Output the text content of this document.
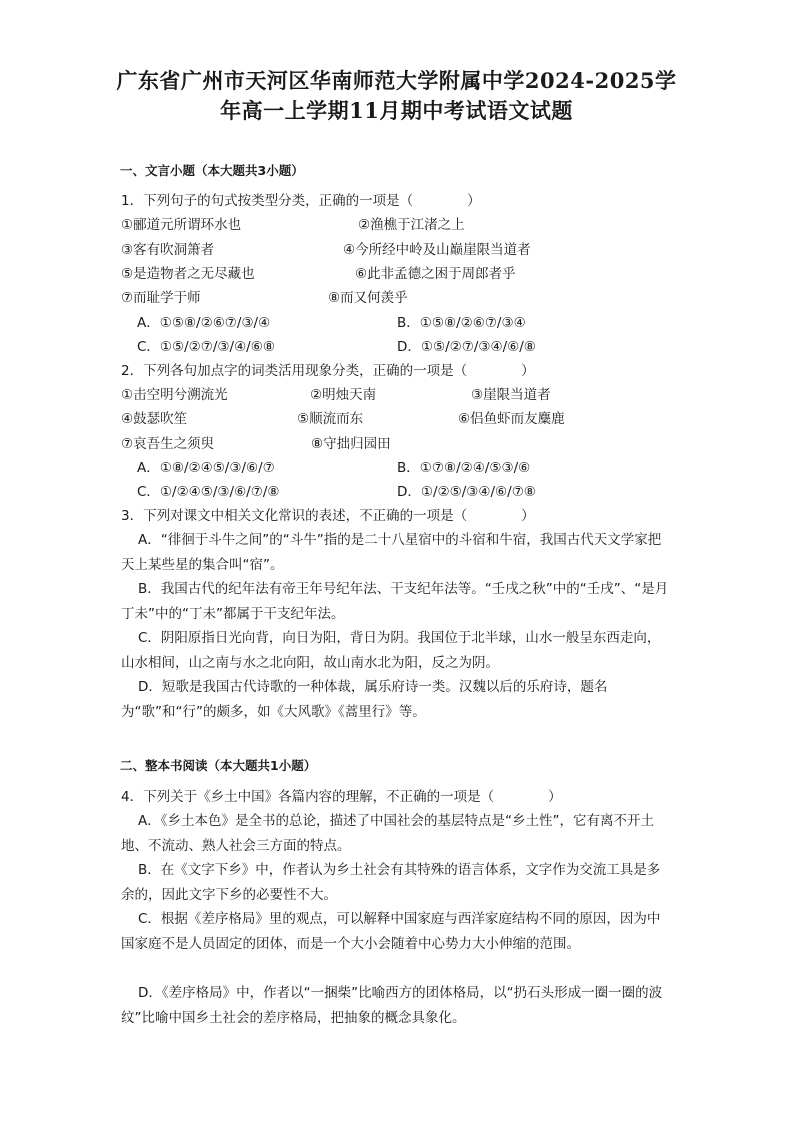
广东省广州市天河区华南师范大学附属中学2024-2025学
年高一上学期11月期中考试语文试题
一、文言小题（本大题共3小题）
1．下列句子的句式按类型分类，正确的一项是（　　　　）
①郦道元所谓环水也	②渔樵于江渚之上
③客有吹洞箫者	④今所经中岭及山巅崖限当道者
⑤是造物者之无尽藏也	⑥此非孟德之困于周郎者乎
⑦而耻学于师	⑧而又何羡乎
A．①⑤⑧/②⑥⑦/③/④	B．①⑤⑧/②⑥⑦/③④
C．①⑤/②⑦/③/④/⑥⑧	D．①⑤/②⑦/③④/⑥/⑧
2．下列各句加点字的词类活用现象分类，正确的一项是（　　　　）
①击空明兮溯流光	②明烛天南	③崖限当道者
④鼓瑟吹笙	⑤顺流而东	⑥侣鱼虾而友麋鹿
⑦哀吾生之须臾	⑧守拙归园田
A．①⑧/②④⑤/③/⑥/⑦	B．①⑦⑧/②④/⑤③/⑥
C．①/②④⑤/③/⑥/⑦/⑧	D．①/②⑤/③④/⑥/⑦⑧
3．下列对课文中相关文化常识的表述，不正确的一项是（　　　　）
A．“徘徊于斗牛之间”的“斗牛”指的是二十八星宿中的斗宿和牛宿，我国古代天文学家把天上某些星的集合叫“宿”。
B．我国古代的纪年法有帝王年号纪年法、干支纪年法等。“壬戌之秋”中的“壬戌”、“是月丁未”中的“丁未”都属于干支纪年法。
C．阴阳原指日光向背，向日为阳，背日为阴。我国位于北半球，山水一般呈东西走向，山水相间，山之南与水之北向阳，故山南水北为阳，反之为阴。
D．短歌是我国古代诗歌的一种体裁，属乐府诗一类。汉魏以后的乐府诗，题名为“歌”和“行”的颇多，如《大风歌》《蒿里行》等。
二、整本书阅读（本大题共1小题）
4．下列关于《乡土中国》各篇内容的理解，不正确的一项是（　　　　）
A．《乡土本色》是全书的总论，描述了中国社会的基层特点是“乡土性”，它有离不开土地、不流动、熟人社会三方面的特点。
B．在《文字下乡》中，作者认为乡土社会有其特殊的语言体系，文字作为交流工具是多余的，因此文字下乡的必要性不大。
C．根据《差序格局》里的观点，可以解释中国家庭与西洋家庭结构不同的原因，因为中国家庭不是人员固定的团体，而是一个大小会随着中心势力大小伸缩的范围。
D．《差序格局》中，作者以“一捆柴”比喻西方的团体格局，以“扔石头形成一圈一圈的波纹”比喻中国乡土社会的差序格局，把抽象的概念具象化。
